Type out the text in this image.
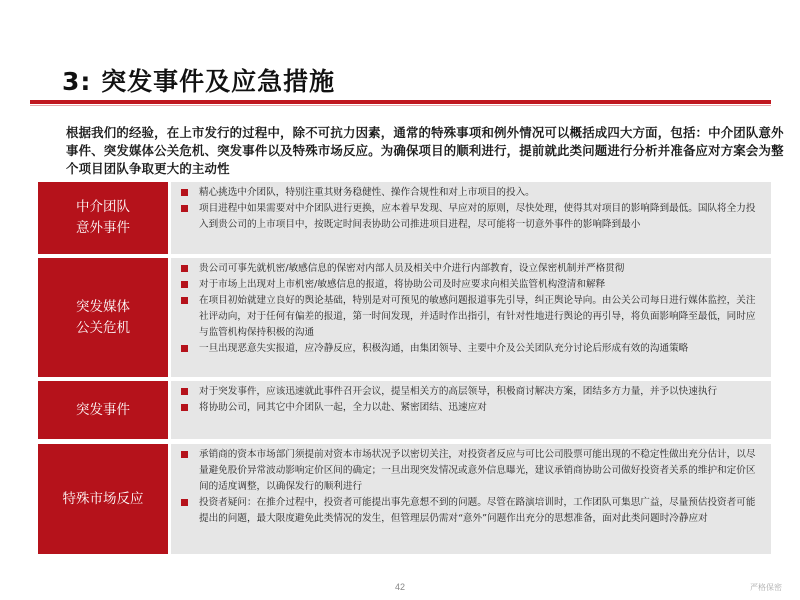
3: 突发事件及应急措施
根据我们的经验，在上市发行的过程中，除不可抗力因素，通常的特殊事项和例外情况可以概括成四大方面，包括：中介团队意外事件、突发媒体公关危机、突发事件以及特殊市场反应。为确保项目的顺利进行，提前就此类问题进行分析并准备应对方案会为整个项目团队争取更大的主动性
中介团队
意外事件
精心挑选中介团队，特别注重其财务稳健性、操作合规性和对上市项目的投入。
项目进程中如果需要对中介团队进行更换，应本着早发现、早应对的原则，尽快处理，使得其对项目的影响降到最低。国队将全力投入到贵公司的上市项目中，按既定时间表协助公司推进项目进程，尽可能将一切意外事件的影响降到最小
突发媒体
公关危机
贵公司可事先就机密/敏感信息的保密对内部人员及相关中介进行内部教育，设立保密机制并严格贯彻
对于市场上出现对上市机密/敏感信息的报道，将协助公司及时应要求向相关监管机构澄清和解释
在项目初始就建立良好的舆论基础，特别是对可预见的敏感问题报道事先引导，纠正舆论导向。由公关公司每日进行媒体监控，关注社评动向，对于任何有偏差的报道，第一时间发现，并适时作出指引，有针对性地进行舆论的再引导，将负面影响降至最低，同时应与监管机构保持积极的沟通
一旦出现恶意失实报道，应冷静反应，积极沟通，由集团领导、主要中介及公关团队充分讨论后形成有效的沟通策略
突发事件
对于突发事件，应该迅速就此事件召开会议，提呈相关方的高层领导，积极商讨解决方案，团结多方力量，并予以快速执行
将协助公司，同其它中介团队一起，全力以赴、紧密团结、迅速应对
特殊市场反应
承销商的资本市场部门须提前对资本市场状况予以密切关注，对投资者反应与可比公司股票可能出现的不稳定性做出充分估计，以尽量避免股价异常波动影响定价区间的确定；一旦出现突发情况或意外信息曝光，建议承销商协助公司做好投资者关系的维护和定价区间的适度调整，以确保发行的顺利进行
投资者疑问：在推介过程中，投资者可能提出事先意想不到的问题。尽管在路演培训时，工作团队可集思广益，尽量预估投资者可能提出的问题，最大限度避免此类情况的发生，但管理层仍需对“意外”问题作出充分的思想准备，面对此类问题时冷静应对
42	严格保密
